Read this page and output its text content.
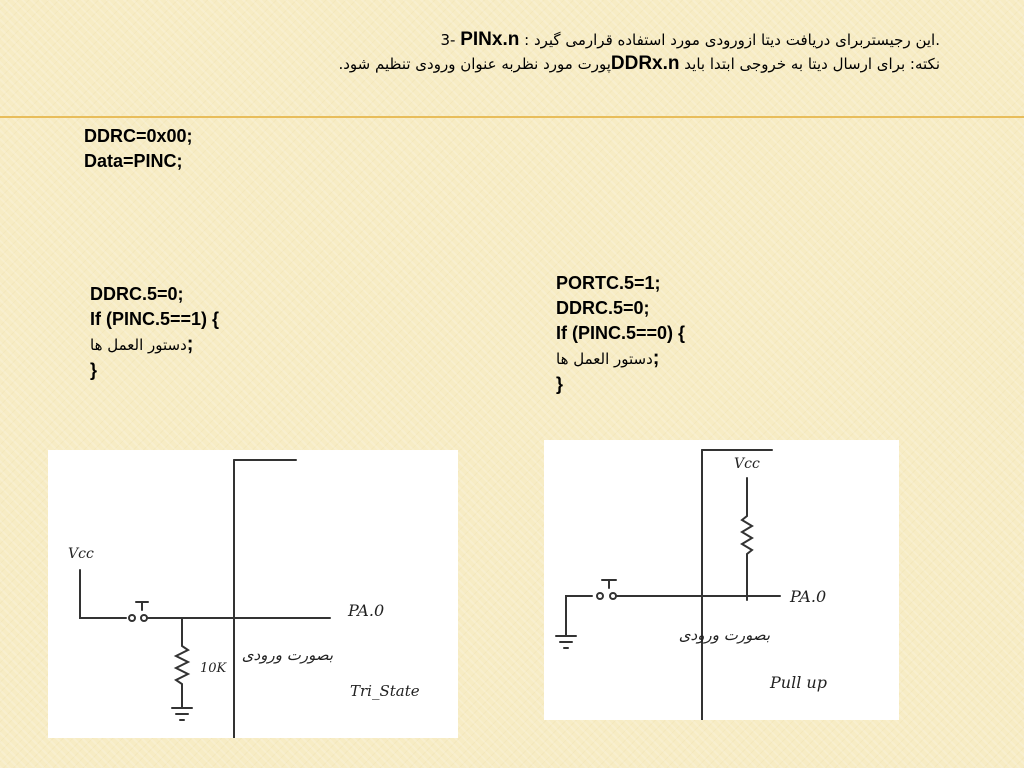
3- PINx.n : این رجیستربرای دریافت دیتا ازورودی مورد استفاده قرارمی گیرد.
نکته: برای ارسال دیتا به خروجی ابتدا باید DDRx.nپورت مورد نظربه عنوان ورودی تنظیم شود.
DDRC=0x00;
Data=PINC;
DDRC.5=0;
If (PINC.5==1) {
دستور العمل ها;
}
PORTC.5=1;
DDRC.5=0;
If (PINC.5==0) {
دستور العمل ها;
}
Vcc
10K
PA.0
بصورت ورودی
Tri_State
Vcc
PA.0
بصورت ورودی
Pull up
